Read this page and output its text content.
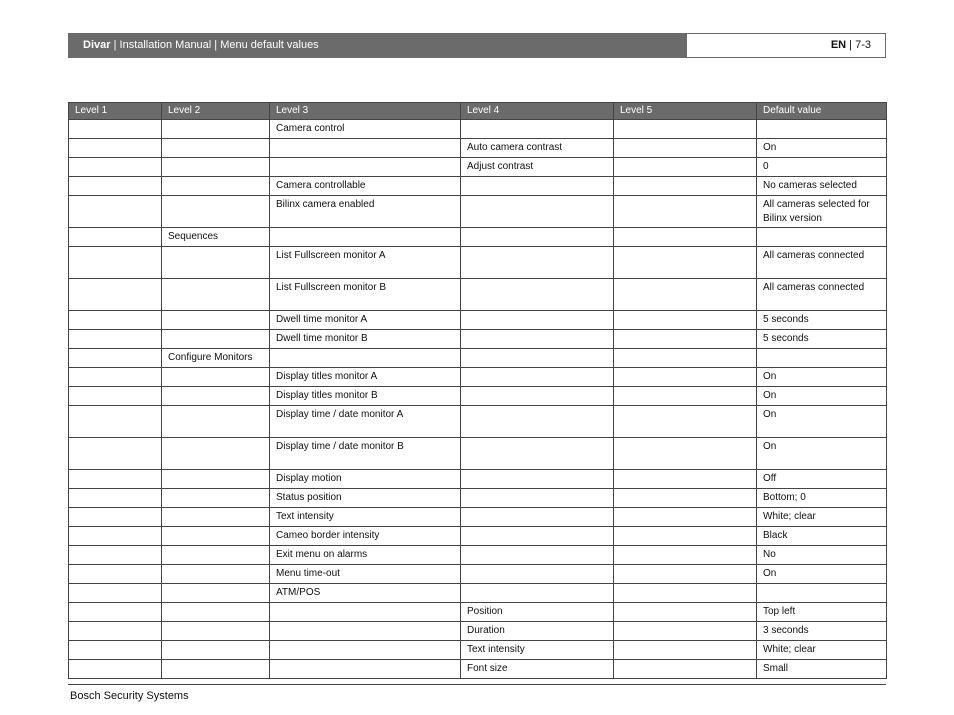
Divar | Installation Manual | Menu default values	EN | 7-3
Level 1	Level 2	Level 3	Level 4	Level 5	Default value
		Camera control			
			Auto camera contrast		On
			Adjust contrast		0
		Camera controllable			No cameras selected
		Bilinx camera enabled			All cameras selected for Bilinx version
	Sequences				
		List Fullscreen monitor A			All cameras connected
		List Fullscreen monitor B			All cameras connected
		Dwell time monitor A			5 seconds
		Dwell time monitor B			5 seconds
	Configure Monitors				
		Display titles monitor A			On
		Display titles monitor B			On
		Display time / date monitor A			On
		Display time / date monitor B			On
		Display motion			Off
		Status position			Bottom; 0
		Text intensity			White; clear
		Cameo border intensity			Black
		Exit menu on alarms			No
		Menu time-out			On
		ATM/POS			
			Position		Top left
			Duration		3 seconds
			Text intensity		White; clear
			Font size		Small
Bosch Security Systems
